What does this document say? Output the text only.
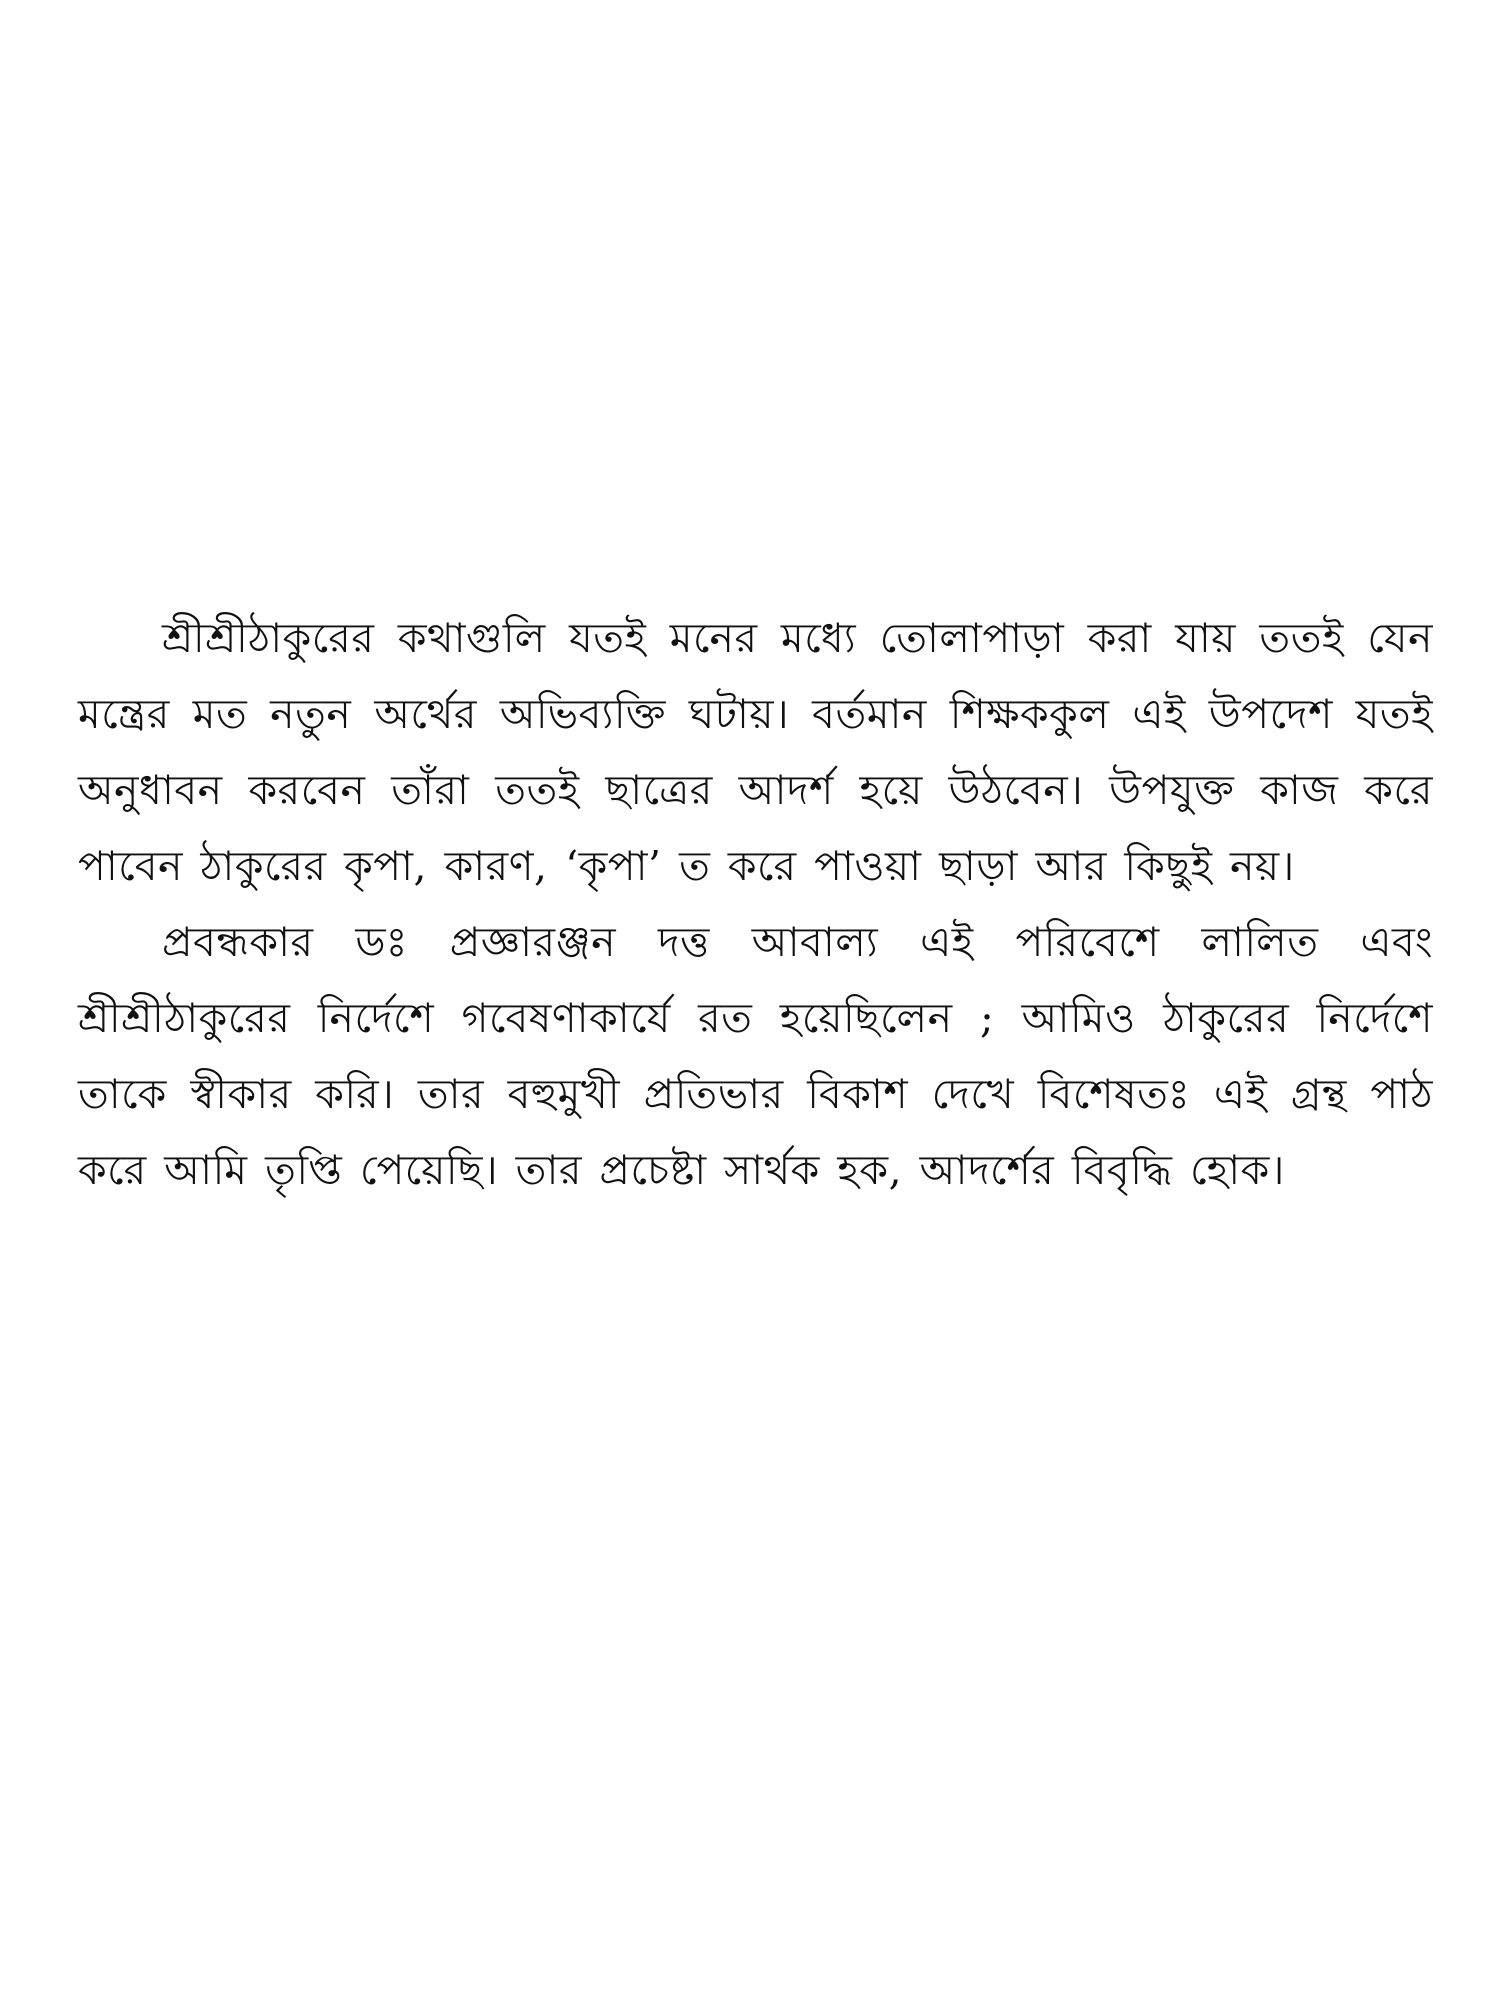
শ্রীশ্রীঠাকুরের কথাগুলি যতই মনের মধ্যে তোলাপাড়া করা যায় ততই যেন মন্ত্রের মত নতুন অর্থের অভিব্যক্তি ঘটায়। বর্তমান শিক্ষককুল এই উপদেশ যতই অনুধাবন করবেন তাঁরা ততই ছাত্রের আদর্শ হয়ে উঠবেন। উপযুক্ত কাজ করে পাবেন ঠাকুরের কৃপা, কারণ, ‘কৃপা’ ত করে পাওয়া ছাড়া আর কিছুই নয়।

প্রবন্ধকার ডঃ প্রজ্ঞারঞ্জন দত্ত আবাল্য এই পরিবেশে লালিত এবং শ্রীশ্রীঠাকুরের নির্দেশে গবেষণাকার্যে রত হয়েছিলেন ; আমিও ঠাকুরের নির্দেশে তাকে স্বীকার করি। তার বহুমুখী প্রতিভার বিকাশ দেখে বিশেষতঃ এই গ্রন্থ পাঠ করে আমি তৃপ্তি পেয়েছি। তার প্রচেষ্টা সার্থক হক, আদর্শের বিবৃদ্ধি হোক।
